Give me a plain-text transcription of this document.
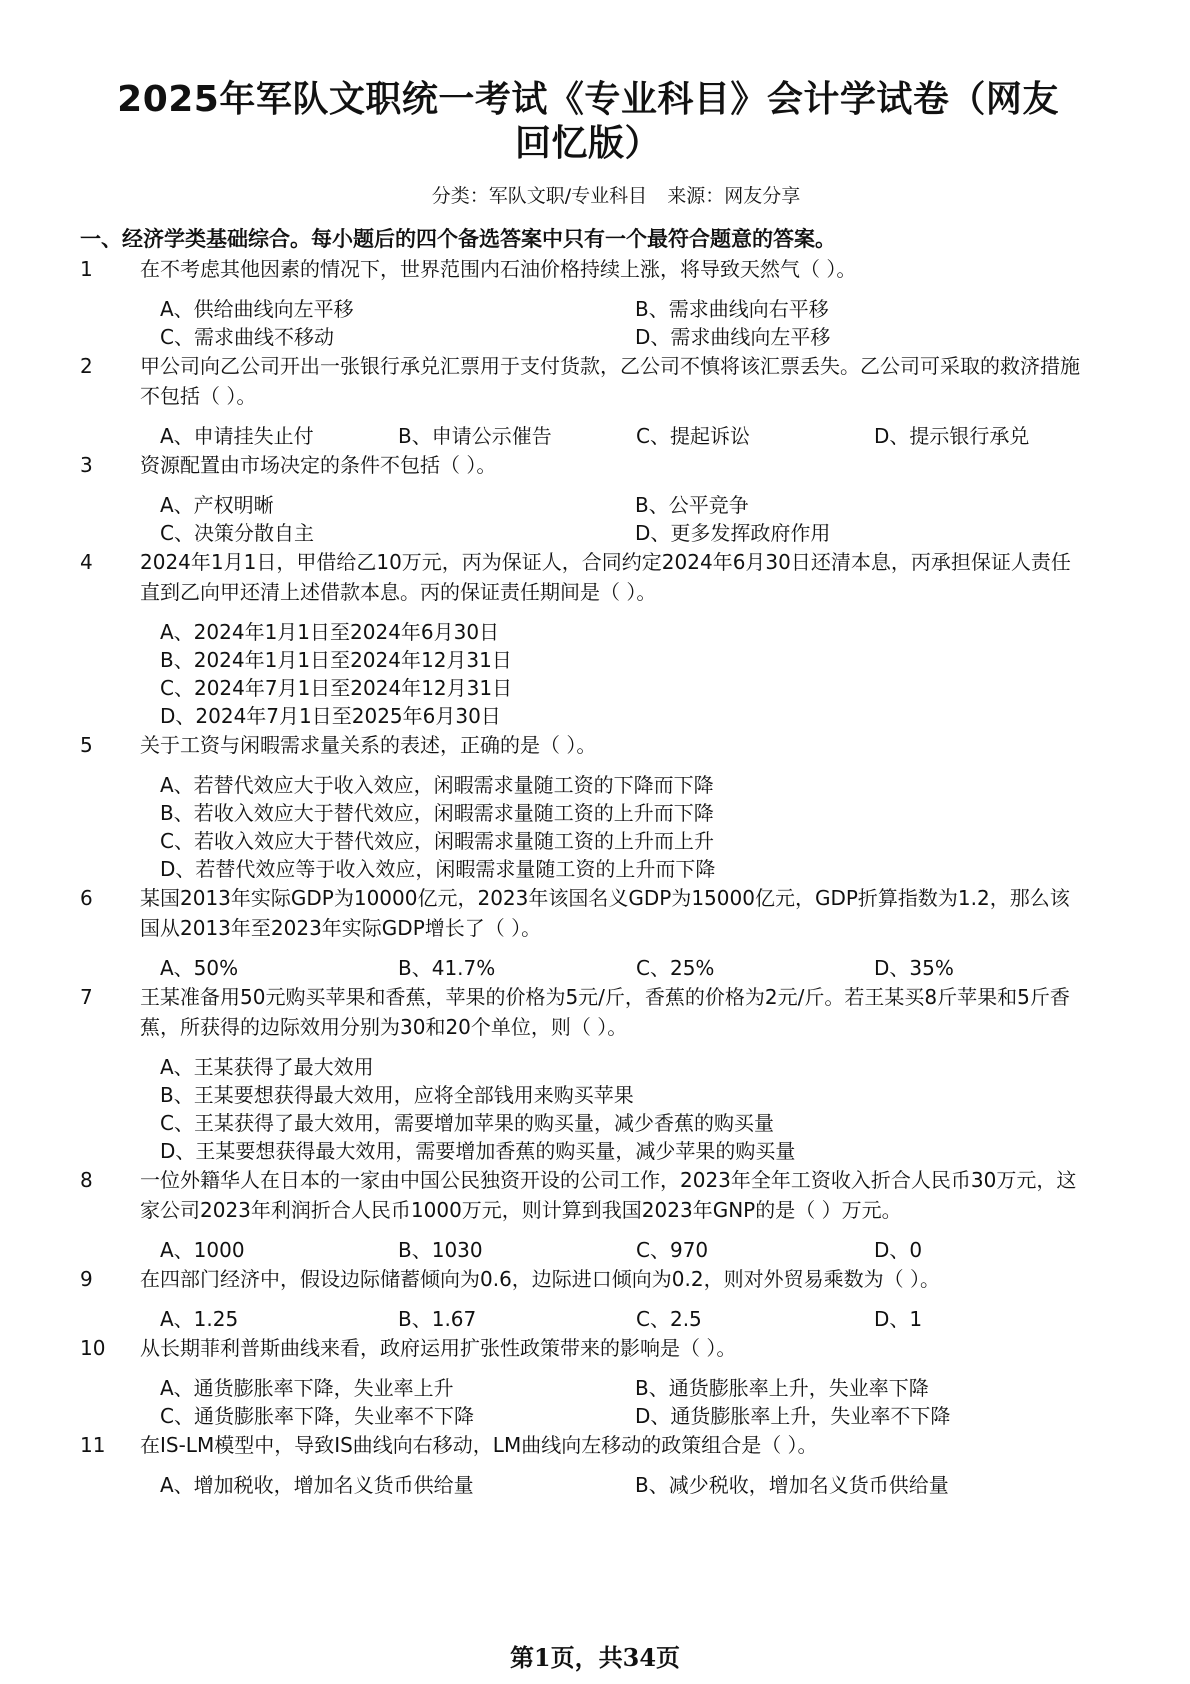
2025年军队文职统一考试《专业科目》会计学试卷（网友回忆版）
分类：军队文职/专业科目 来源：网友分享
一、经济学类基础综合。每小题后的四个备选答案中只有一个最符合题意的答案。
1	在不考虑其他因素的情况下，世界范围内石油价格持续上涨，将导致天然气（ ）。
A、供给曲线向左平移	B、需求曲线向右平移
C、需求曲线不移动	D、需求曲线向左平移
2	甲公司向乙公司开出一张银行承兑汇票用于支付货款，乙公司不慎将该汇票丢失。乙公司可采取的救济措施不包括（ ）。
A、申请挂失止付	B、申请公示催告	C、提起诉讼	D、提示银行承兑
3	资源配置由市场决定的条件不包括（ ）。
A、产权明晰	B、公平竞争
C、决策分散自主	D、更多发挥政府作用
4	2024年1月1日，甲借给乙10万元，丙为保证人，合同约定2024年6月30日还清本息，丙承担保证人责任直到乙向甲还清上述借款本息。丙的保证责任期间是（ ）。
A、2024年1月1日至2024年6月30日
B、2024年1月1日至2024年12月31日
C、2024年7月1日至2024年12月31日
D、2024年7月1日至2025年6月30日
5	关于工资与闲暇需求量关系的表述，正确的是（ ）。
A、若替代效应大于收入效应，闲暇需求量随工资的下降而下降
B、若收入效应大于替代效应，闲暇需求量随工资的上升而下降
C、若收入效应大于替代效应，闲暇需求量随工资的上升而上升
D、若替代效应等于收入效应，闲暇需求量随工资的上升而下降
6	某国2013年实际GDP为10000亿元，2023年该国名义GDP为15000亿元，GDP折算指数为1.2，那么该国从2013年至2023年实际GDP增长了（ ）。
A、50%	B、41.7%	C、25%	D、35%
7	王某准备用50元购买苹果和香蕉，苹果的价格为5元/斤，香蕉的价格为2元/斤。若王某买8斤苹果和5斤香蕉，所获得的边际效用分别为30和20个单位，则（ ）。
A、王某获得了最大效用
B、王某要想获得最大效用，应将全部钱用来购买苹果
C、王某获得了最大效用，需要增加苹果的购买量，减少香蕉的购买量
D、王某要想获得最大效用，需要增加香蕉的购买量，减少苹果的购买量
8	一位外籍华人在日本的一家由中国公民独资开设的公司工作，2023年全年工资收入折合人民币30万元，这家公司2023年利润折合人民币1000万元，则计算到我国2023年GNP的是（ ）万元。
A、1000	B、1030	C、970	D、0
9	在四部门经济中，假设边际储蓄倾向为0.6，边际进口倾向为0.2，则对外贸易乘数为（ ）。
A、1.25	B、1.67	C、2.5	D、1
10	从长期菲利普斯曲线来看，政府运用扩张性政策带来的影响是（ ）。
A、通货膨胀率下降，失业率上升	B、通货膨胀率上升，失业率下降
C、通货膨胀率下降，失业率不下降	D、通货膨胀率上升，失业率不下降
11	在IS-LM模型中，导致IS曲线向右移动，LM曲线向左移动的政策组合是（ ）。
A、增加税收，增加名义货币供给量	B、减少税收，增加名义货币供给量
第1页，共34页
